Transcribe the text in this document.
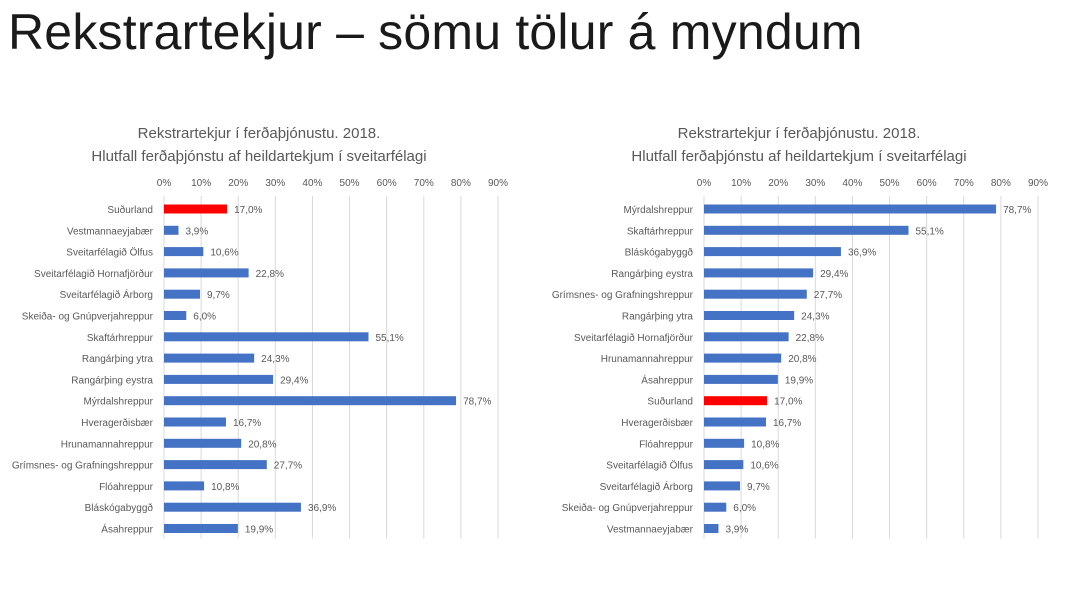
Rekstrartekjur – sömu tölur á myndum
Rekstrartekjur í ferðaþjónustu. 2018.
Hlutfall ferðaþjónstu af heildartekjum í sveitarfélagi
0% 10% 20% 30% 40% 50% 60% 70% 80% 90%
Suðurland	17,0%
Vestmannaeyjabær	3,9%
Sveitarfélagið Ölfus	10,6%
Sveitarfélagið Hornafjörður	22,8%
Sveitarfélagið Árborg	9,7%
Skeiða- og Gnúpverjahreppur	6,0%
Skaftárhreppur	55,1%
Rangárþing ytra	24,3%
Rangárþing eystra	29,4%
Mýrdalshreppur	78,7%
Hveragerðisbær	16,7%
Hrunamannahreppur	20,8%
Grímsnes- og Grafningshreppur	27,7%
Flóahreppur	10,8%
Bláskógabyggð	36,9%
Ásahreppur	19,9%
Rekstrartekjur í ferðaþjónustu. 2018.
Hlutfall ferðaþjónstu af heildartekjum í sveitarfélagi
0% 10% 20% 30% 40% 50% 60% 70% 80% 90%
Mýrdalshreppur	78,7%
Skaftárhreppur	55,1%
Bláskógabyggð	36,9%
Rangárþing eystra	29,4%
Grímsnes- og Grafningshreppur	27,7%
Rangárþing ytra	24,3%
Sveitarfélagið Hornafjörður	22,8%
Hrunamannahreppur	20,8%
Ásahreppur	19,9%
Suðurland	17,0%
Hveragerðisbær	16,7%
Flóahreppur	10,8%
Sveitarfélagið Ölfus	10,6%
Sveitarfélagið Árborg	9,7%
Skeiða- og Gnúpverjahreppur	6,0%
Vestmannaeyjabær	3,9%
